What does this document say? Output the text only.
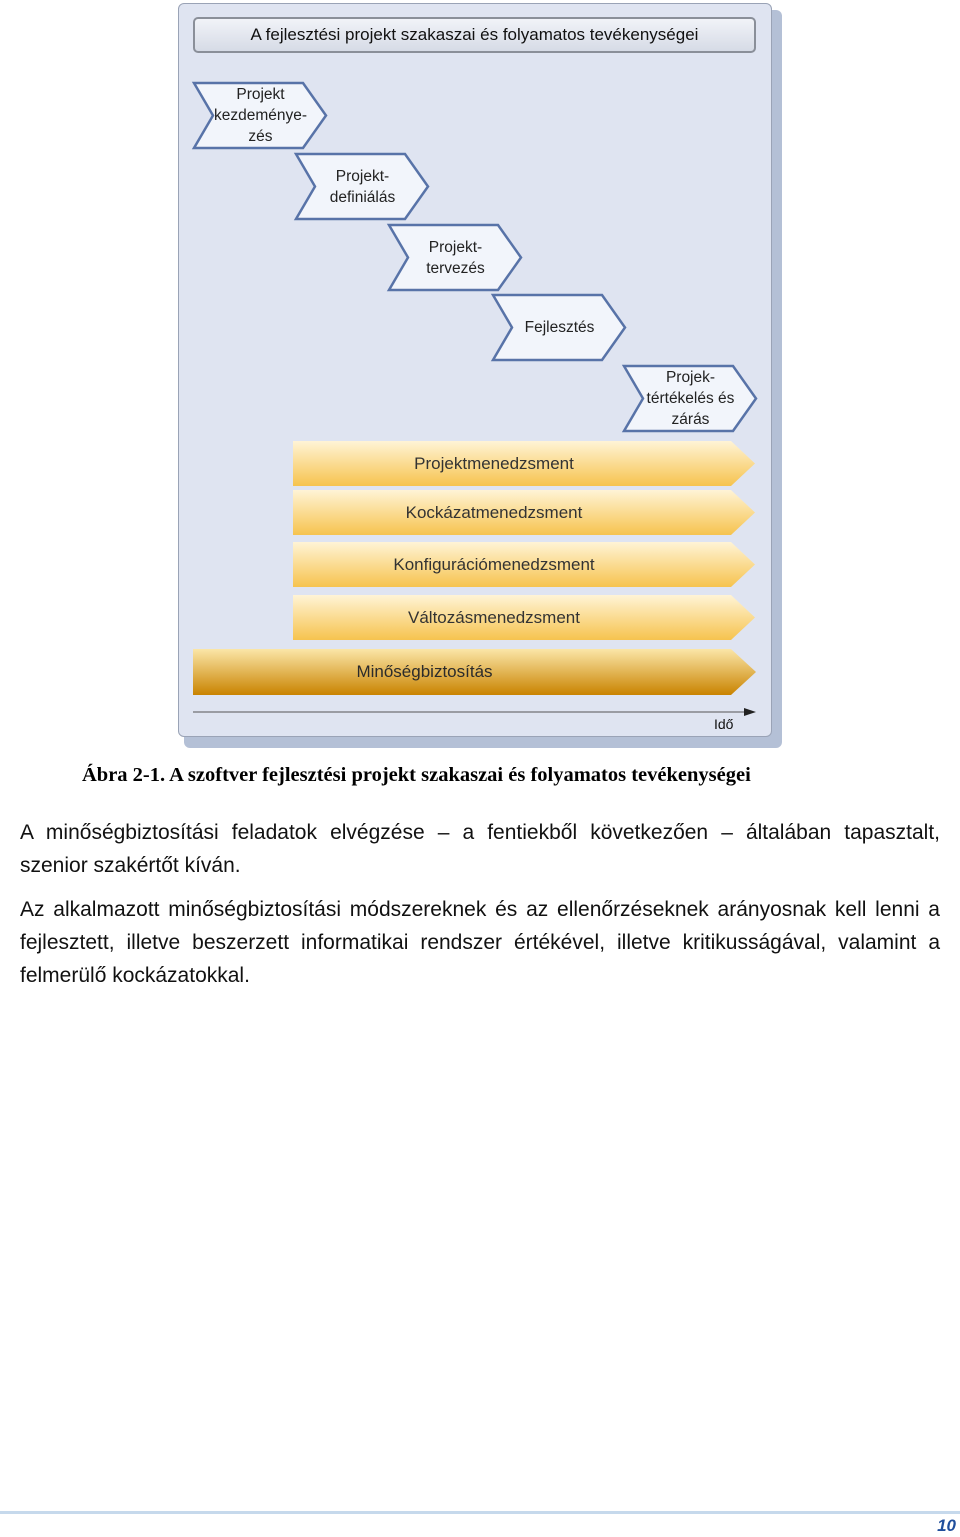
A fejlesztési projekt szakaszai és folyamatos tevékenységei
Projekt
kezdeménye-
zés
Projekt-
definiálás
Projekt-
tervezés
Fejlesztés
Projek-
tértékelés és
zárás
Projektmenedzsment
Kockázatmenedzsment
Konfigurációmenedzsment
Változásmenedzsment
Minőségbiztosítás
Idő
Ábra 2-1. A szoftver fejlesztési projekt szakaszai és folyamatos tevékenységei
A minőségbiztosítási feladatok elvégzése – a fentiekből következően – általában tapasztalt, szenior szakértőt kíván.
Az alkalmazott minőségbiztosítási módszereknek és az ellenőrzéseknek arányosnak kell lenni a fejlesztett, illetve beszerzett informatikai rendszer értékével, illetve kritikusságával, valamint a felmerülő kockázatokkal.
10
